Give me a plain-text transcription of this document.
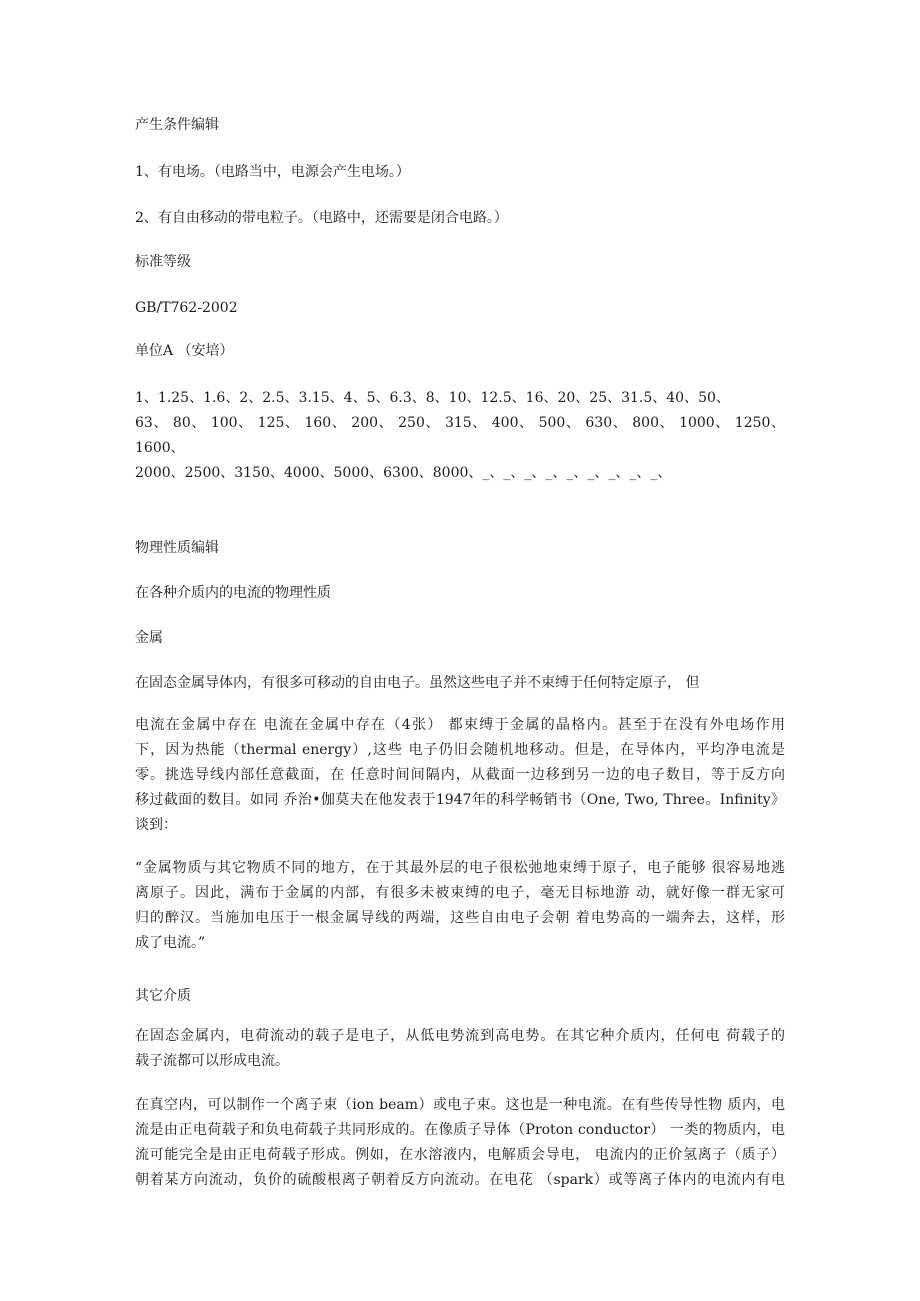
产生条件编辑
1、有电场。（电路当中，电源会产生电场。）
2、有自由移动的带电粒子。（电路中，还需要是闭合电路。）
标准等级
GB/T762-2002
单位A （安培）
1、1.25、1.6、2、2.5、3.15、4、5、6.3、8、10、12.5、16、20、25、31.5、40、50、
63、 80、 100、 125、 160、 200、 250、 315、 400、 500、 630、 800、 1000、 1250、
1600、
2000、2500、3150、4000、5000、6300、8000、_、_、_、_、_、_、_、_、_、
物理性质编辑
在各种介质内的电流的物理性质
金属
在固态金属导体内，有很多可移动的自由电子。虽然这些电子并不束缚于任何特定原子， 但
电流在金属中存在 电流在金属中存在（4张） 都束缚于金属的晶格内。甚至于在没有外电场作用
下，因为热能（thermal energy）,这些 电子仍旧会随机地移动。但是，在导体内，平均净电流是
零。挑选导线内部任意截面，在 任意时间间隔内，从截面一边移到另一边的电子数目，等于反方向
移过截面的数目。如同 乔治•伽莫夫在他发表于1947年的科学畅销书（One, Two, Three。Infinity》
谈到：
“金属物质与其它物质不同的地方，在于其最外层的电子很松弛地束缚于原子，电子能够 很容易地逃
离原子。因此，满布于金属的内部，有很多未被束缚的电子，毫无目标地游 动，就好像一群无家可
归的醉汉。当施加电压于一根金属导线的两端，这些自由电子会朝 着电势高的一端奔去，这样，形
成了电流。”
其它介质
在固态金属内，电荷流动的载子是电子，从低电势流到高电势。在其它种介质内，任何电 荷载子的
载子流都可以形成电流。
在真空内，可以制作一个离子束（ion beam）或电子束。这也是一种电流。在有些传导性物 质内，电
流是由正电荷载子和负电荷载子共同形成的。在像质子导体（Proton conductor） 一类的物质内，电
流可能完全是由正电荷载子形成。例如，在水溶液内，电解质会导电， 电流内的正价氢离子（质子）
朝着某方向流动，负价的硫酸根离子朝着反方向流动。在电花 （spark）或等离子体内的电流内有电
